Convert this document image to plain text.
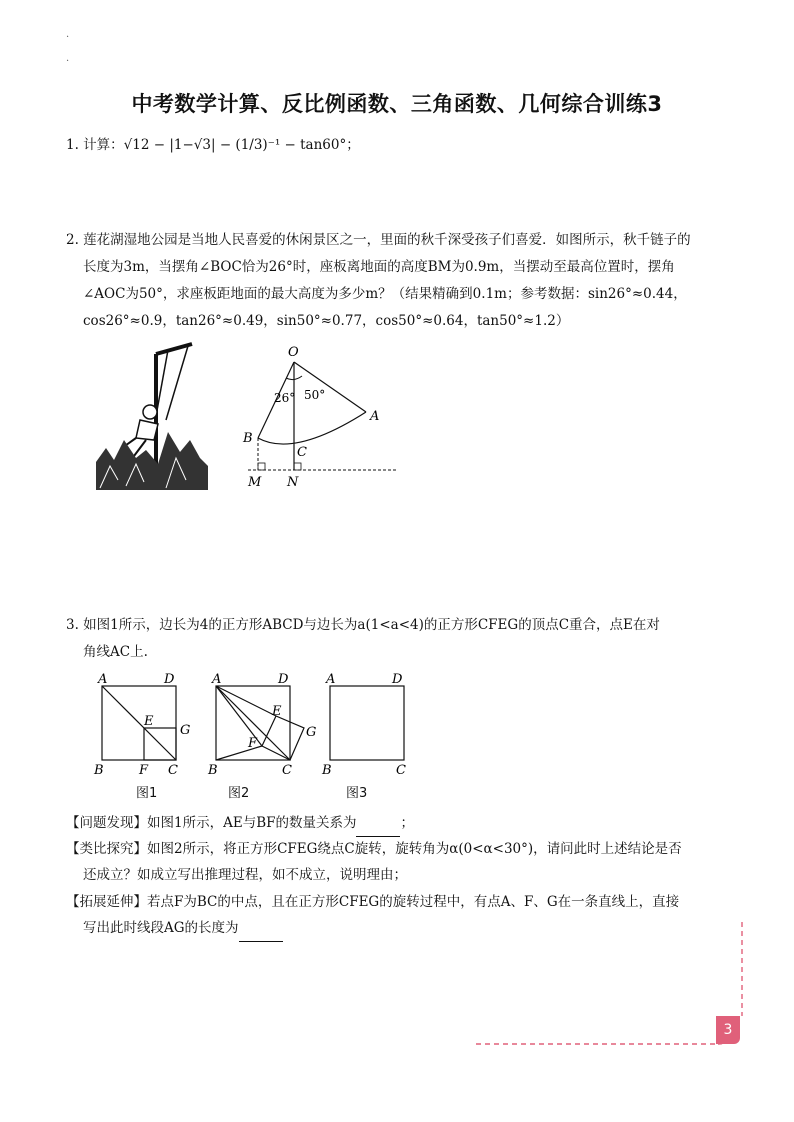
·
·
中考数学计算、反比例函数、三角函数、几何综合训练3
1. 计算：√12 − |1−√3| − (1/3)⁻¹ − tan60°；
2. 莲花湖湿地公园是当地人民喜爱的休闲景区之一，里面的秋千深受孩子们喜爱．如图所示，秋千链子的
长度为3m，当摆角∠BOC恰为26°时，座板离地面的高度BM为0.9m，当摆动至最高位置时，摆角
∠AOC为50°，求座板距地面的最大高度为多少m？（结果精确到0.1m；参考数据：sin26°≈0.44，
cos26°≈0.9，tan26°≈0.49，sin50°≈0.77，cos50°≈0.64，tan50°≈1.2）
O
A
B
C
M N
26° 50°
3. 如图1所示，边长为4的正方形ABCD与边长为a(1<a<4)的正方形CFEG的顶点C重合，点E在对
角线AC上.
A	D
B	C
F
E
G
A	D
B	C
E
F
G
A	D
B	C
图1	图2	图3
【问题发现】如图1所示，AE与BF的数量关系为	；
【类比探究】如图2所示，将正方形CFEG绕点C旋转，旋转角为α(0<α<30°)，请问此时上述结论是否
还成立？如成立写出推理过程，如不成立，说明理由；
【拓展延伸】若点F为BC的中点，且在正方形CFEG的旋转过程中，有点A、F、G在一条直线上，直接
写出此时线段AG的长度为
3
